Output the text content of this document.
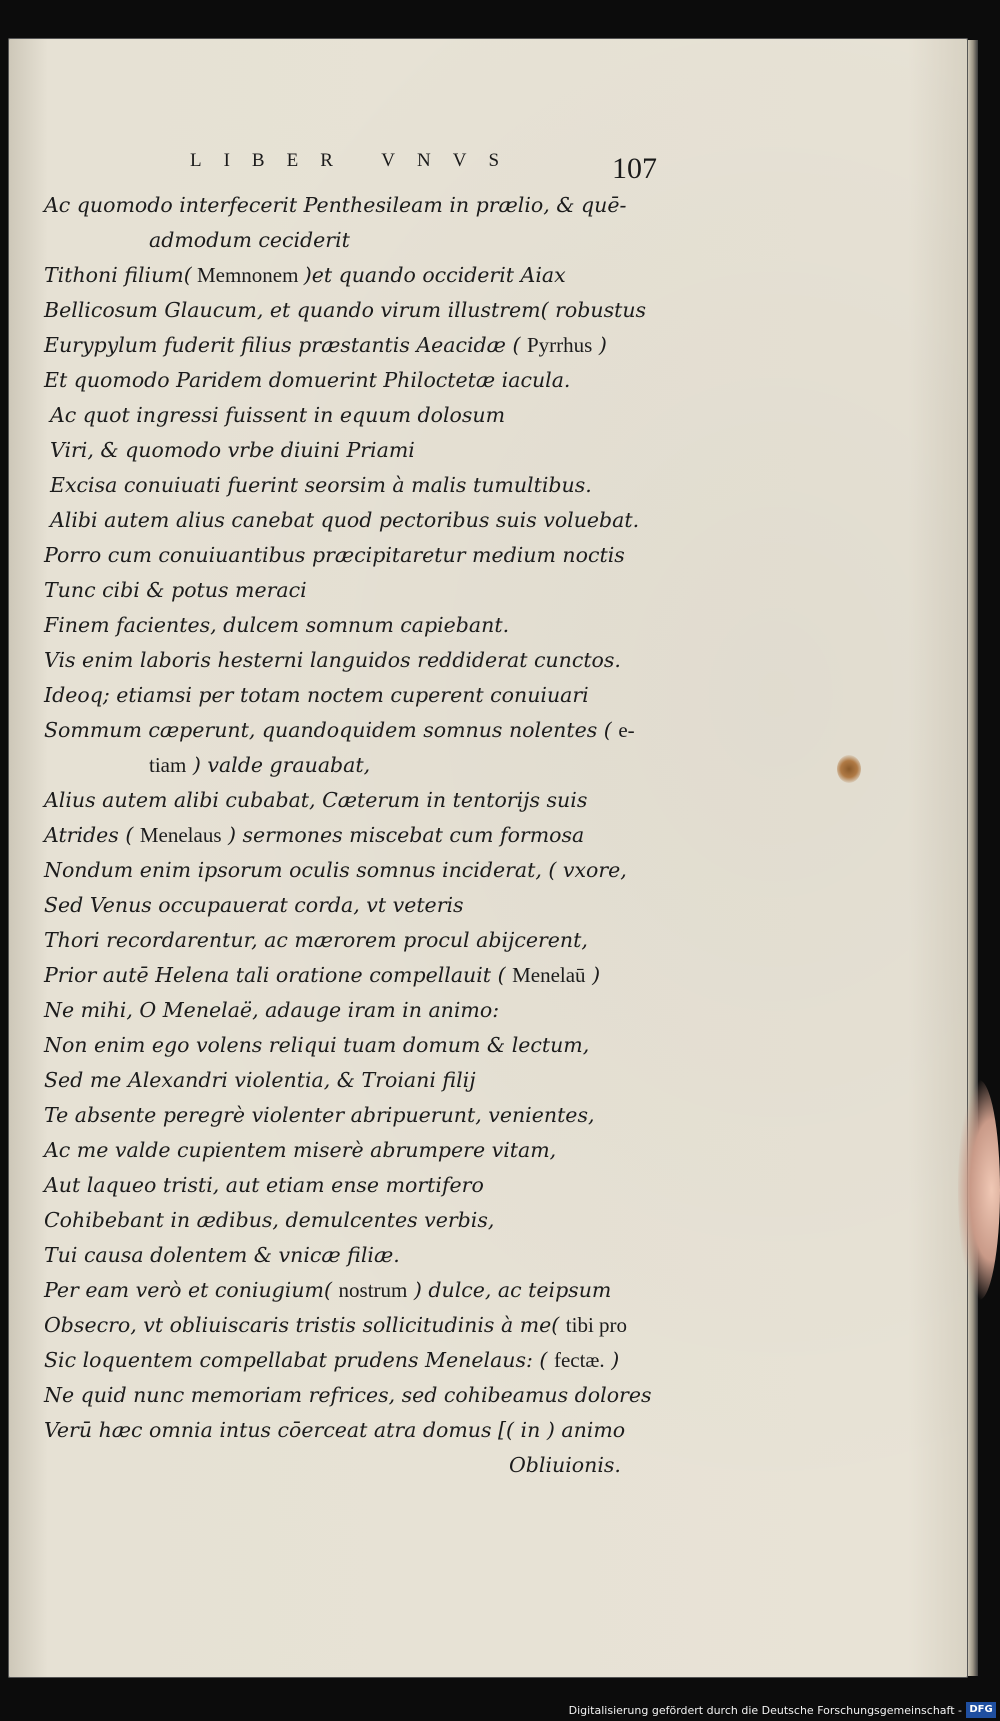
LIBER VNVS	107
Ac quomodo interfecerit Penthesileam in prælio, & quē-
admodum ceciderit
Tithoni filium( Memnonem )et quando occiderit Aiax
Bellicosum Glaucum, et quando virum illustrem( robustus
Eurypylum fuderit filius præstantis Aeacidæ ( Pyrrhus )
Et quomodo Paridem domuerint Philoctetæ iacula.
Ac quot ingressi fuissent in equum dolosum
Viri, & quomodo vrbe diuini Priami
Excisa conuiuati fuerint seorsim à malis tumultibus.
Alibi autem alius canebat quod pectoribus suis voluebat.
Porro cum conuiuantibus præcipitaretur medium noctis
Tunc cibi & potus meraci
Finem facientes, dulcem somnum capiebant.
Vis enim laboris hesterni languidos reddiderat cunctos.
Ideoq; etiamsi per totam noctem cuperent conuiuari
Sommum cæperunt, quandoquidem somnus nolentes ( e-
tiam ) valde grauabat,
Alius autem alibi cubabat, Cæterum in tentorijs suis
Atrides ( Menelaus ) sermones miscebat cum formosa
Nondum enim ipsorum oculis somnus inciderat, ( vxore,
Sed Venus occupauerat corda, vt veteris
Thori recordarentur, ac mærorem procul abijcerent,
Prior autē Helena tali oratione compellauit ( Menelaū )
Ne mihi, O Menelaë, adauge iram in animo:
Non enim ego volens reliqui tuam domum & lectum,
Sed me Alexandri violentia, & Troiani filij
Te absente peregrè violenter abripuerunt, venientes,
Ac me valde cupientem miserè abrumpere vitam,
Aut laqueo tristi, aut etiam ense mortifero
Cohibebant in ædibus, demulcentes verbis,
Tui causa dolentem & vnicæ filiæ.
Per eam verò et coniugium( nostrum ) dulce, ac teipsum
Obsecro, vt obliuiscaris tristis sollicitudinis à me( tibi pro
Sic loquentem compellabat prudens Menelaus: ( fectæ. )
Ne quid nunc memoriam refrices, sed cohibeamus dolores
Verū hæc omnia intus cōerceat atra domus [( in ) animo
Obliuionis.
Digitalisierung gefördert durch die Deutsche Forschungsgemeinschaft - DFG
